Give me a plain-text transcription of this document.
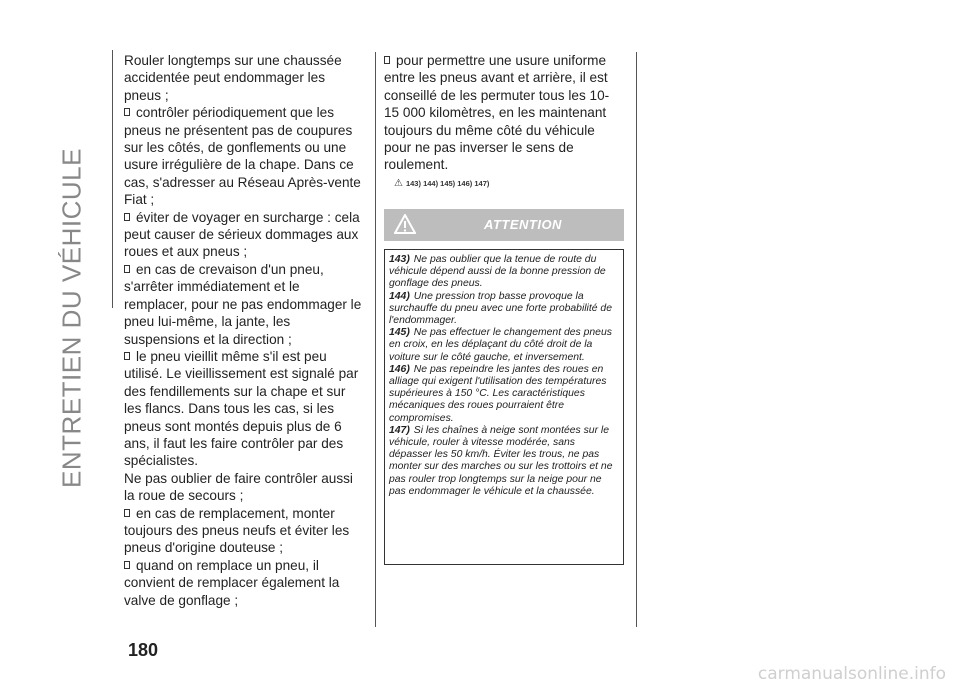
ENTRETIEN DU VÉHICULE

Rouler longtemps sur une chaussée accidentée peut endommager les pneus ;

contrôler périodiquement que les pneus ne présentent pas de coupures sur les côtés, de gonflements ou une usure irrégulière de la chape. Dans ce cas, s'adresser au Réseau Après-vente Fiat ;

éviter de voyager en surcharge : cela peut causer de sérieux dommages aux roues et aux pneus ;

en cas de crevaison d'un pneu, s'arrêter immédiatement et le remplacer, pour ne pas endommager le pneu lui-même, la jante, les suspensions et la direction ;

le pneu vieillit même s'il est peu utilisé. Le vieillissement est signalé par des fendillements sur la chape et sur les flancs. Dans tous les cas, si les pneus sont montés depuis plus de 6 ans, il faut les faire contrôler par des spécialistes.

Ne pas oublier de faire contrôler aussi la roue de secours ;

en cas de remplacement, monter toujours des pneus neufs et éviter les pneus d'origine douteuse ;

quand on remplace un pneu, il convient de remplacer également la valve de gonflage ;

pour permettre une usure uniforme entre les pneus avant et arrière, il est conseillé de les permuter tous les 10-15 000 kilomètres, en les maintenant toujours du même côté du véhicule pour ne pas inverser le sens de roulement.

⚠ 143) 144) 145) 146) 147)
ATTENTION

143) Ne pas oublier que la tenue de route du véhicule dépend aussi de la bonne pression de gonflage des pneus.

144) Une pression trop basse provoque la surchauffe du pneu avec une forte probabilité de l'endommager.

145) Ne pas effectuer le changement des pneus en croix, en les déplaçant du côté droit de la voiture sur le côté gauche, et inversement.

146) Ne pas repeindre les jantes des roues en alliage qui exigent l'utilisation des températures supérieures à 150 °C. Les caractéristiques mécaniques des roues pourraient être compromises.

147) Si les chaînes à neige sont montées sur le véhicule, rouler à vitesse modérée, sans dépasser les 50 km/h. Éviter les trous, ne pas monter sur des marches ou sur les trottoirs et ne pas rouler trop longtemps sur la neige pour ne pas endommager le véhicule et la chaussée.

180
carmanualsonline.info
